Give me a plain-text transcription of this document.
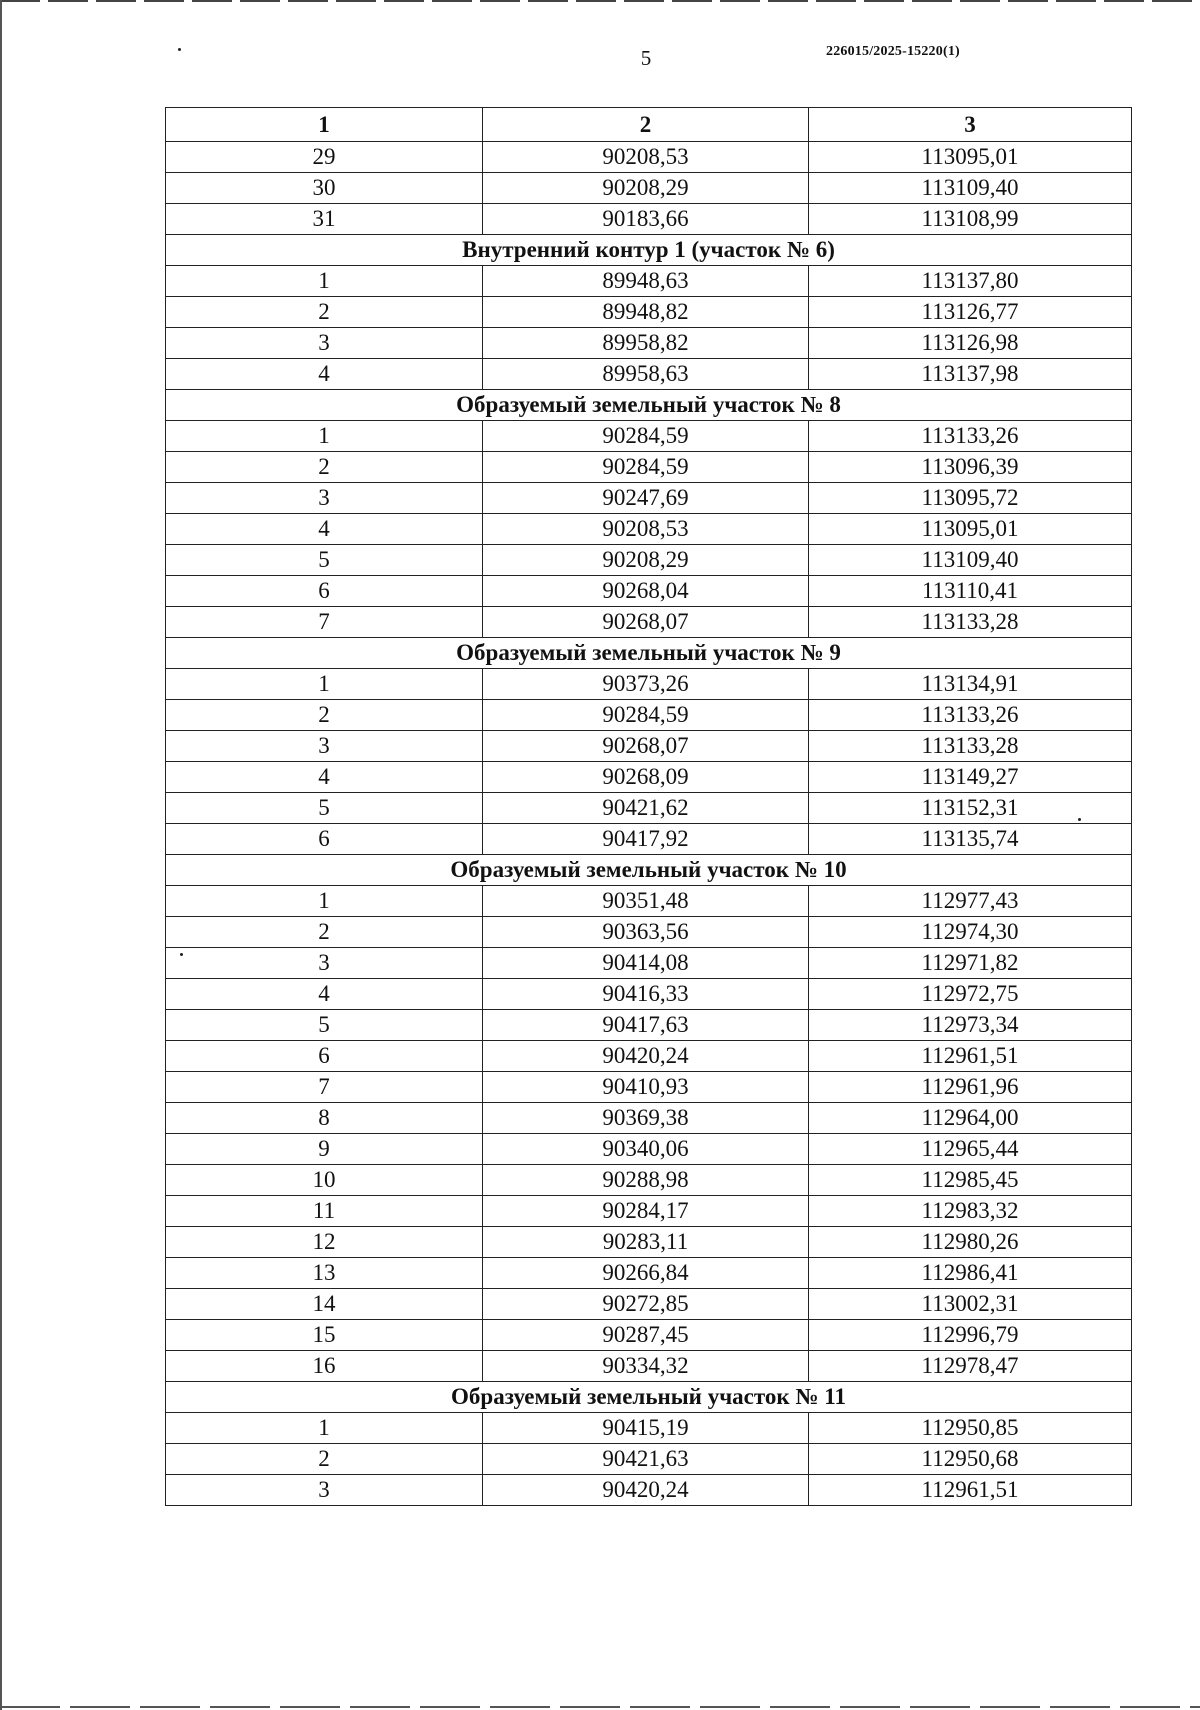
5	226015/2025-15220(1)
1	2	3
29	90208,53	113095,01
30	90208,29	113109,40
31	90183,66	113108,99
Внутренний контур 1 (участок № 6)		
1	89948,63	113137,80
2	89948,82	113126,77
3	89958,82	113126,98
4	89958,63	113137,98
Образуемый земельный участок № 8		
1	90284,59	113133,26
2	90284,59	113096,39
3	90247,69	113095,72
4	90208,53	113095,01
5	90208,29	113109,40
6	90268,04	113110,41
7	90268,07	113133,28
Образуемый земельный участок № 9		
1	90373,26	113134,91
2	90284,59	113133,26
3	90268,07	113133,28
4	90268,09	113149,27
5	90421,62	113152,31
6	90417,92	113135,74
Образуемый земельный участок № 10		
1	90351,48	112977,43
2	90363,56	112974,30
3	90414,08	112971,82
4	90416,33	112972,75
5	90417,63	112973,34
6	90420,24	112961,51
7	90410,93	112961,96
8	90369,38	112964,00
9	90340,06	112965,44
10	90288,98	112985,45
11	90284,17	112983,32
12	90283,11	112980,26
13	90266,84	112986,41
14	90272,85	113002,31
15	90287,45	112996,79
16	90334,32	112978,47
Образуемый земельный участок № 11		
1	90415,19	112950,85
2	90421,63	112950,68
3	90420,24	112961,51
